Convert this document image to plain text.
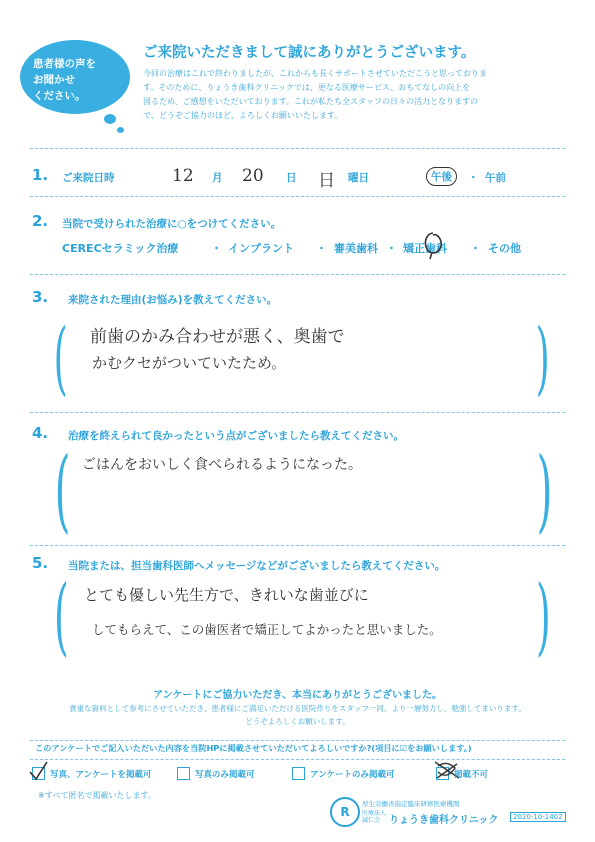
患者様の声を
お聞かせ
ください。
ご来院いただきまして誠にありがとうございます。
今回の治療はこれで終わりましたが、これからも長くサポートさせていただこうと思っておりま
す。そのために、りょうき歯科クリニックでは、更なる医療サービス、おもてなしの向上を
図るため、ご感想をいただいております。これが私たち全スタッフの日々の活力となりますの
で、どうぞご協力のほど、よろしくお願いいたします。
1. ご来院日時	12 月 20 日 日 曜日	午後	・ 午前
2. 当院で受けられた治療に○をつけてください。
CERECセラミック治療	・ インプラント ・ 審美歯科 ・ 矯正歯科 ・ その他
3. 来院された理由(お悩み)を教えてください。
(	)
前歯のかみ合わせが悪く、奥歯で
かむクセがついていたため。
4. 治療を終えられて良かったという点がございましたら教えてください。
(	)
ごはんをおいしく食べられるようになった。
5. 当院または、担当歯科医師へメッセージなどがございましたら教えてください。
(	)
とても優しい先生方で、きれいな歯並びに
してもらえて、この歯医者で矯正してよかったと思いました。
アンケートにご協力いただき、本当にありがとうございました。
貴重な資料として参考にさせていただき、患者様にご満足いただける医院作りをスタッフ一同、より一層努力し、勉強してまいります。
どうぞよろしくお願いします。
このアンケートでご記入いただいた内容を当院HPに掲載させていただいてよろしいですか?(項目に☑をお願いします。)
写真、アンケートを掲載可	写真のみ掲載可	アンケートのみ掲載可	掲載不可
※すべて匿名で掲載いたします。
R
厚生労働省指定臨床研修医療機関
医療法人
誠仁会 りょうき歯科クリニック	2020-10-1402
